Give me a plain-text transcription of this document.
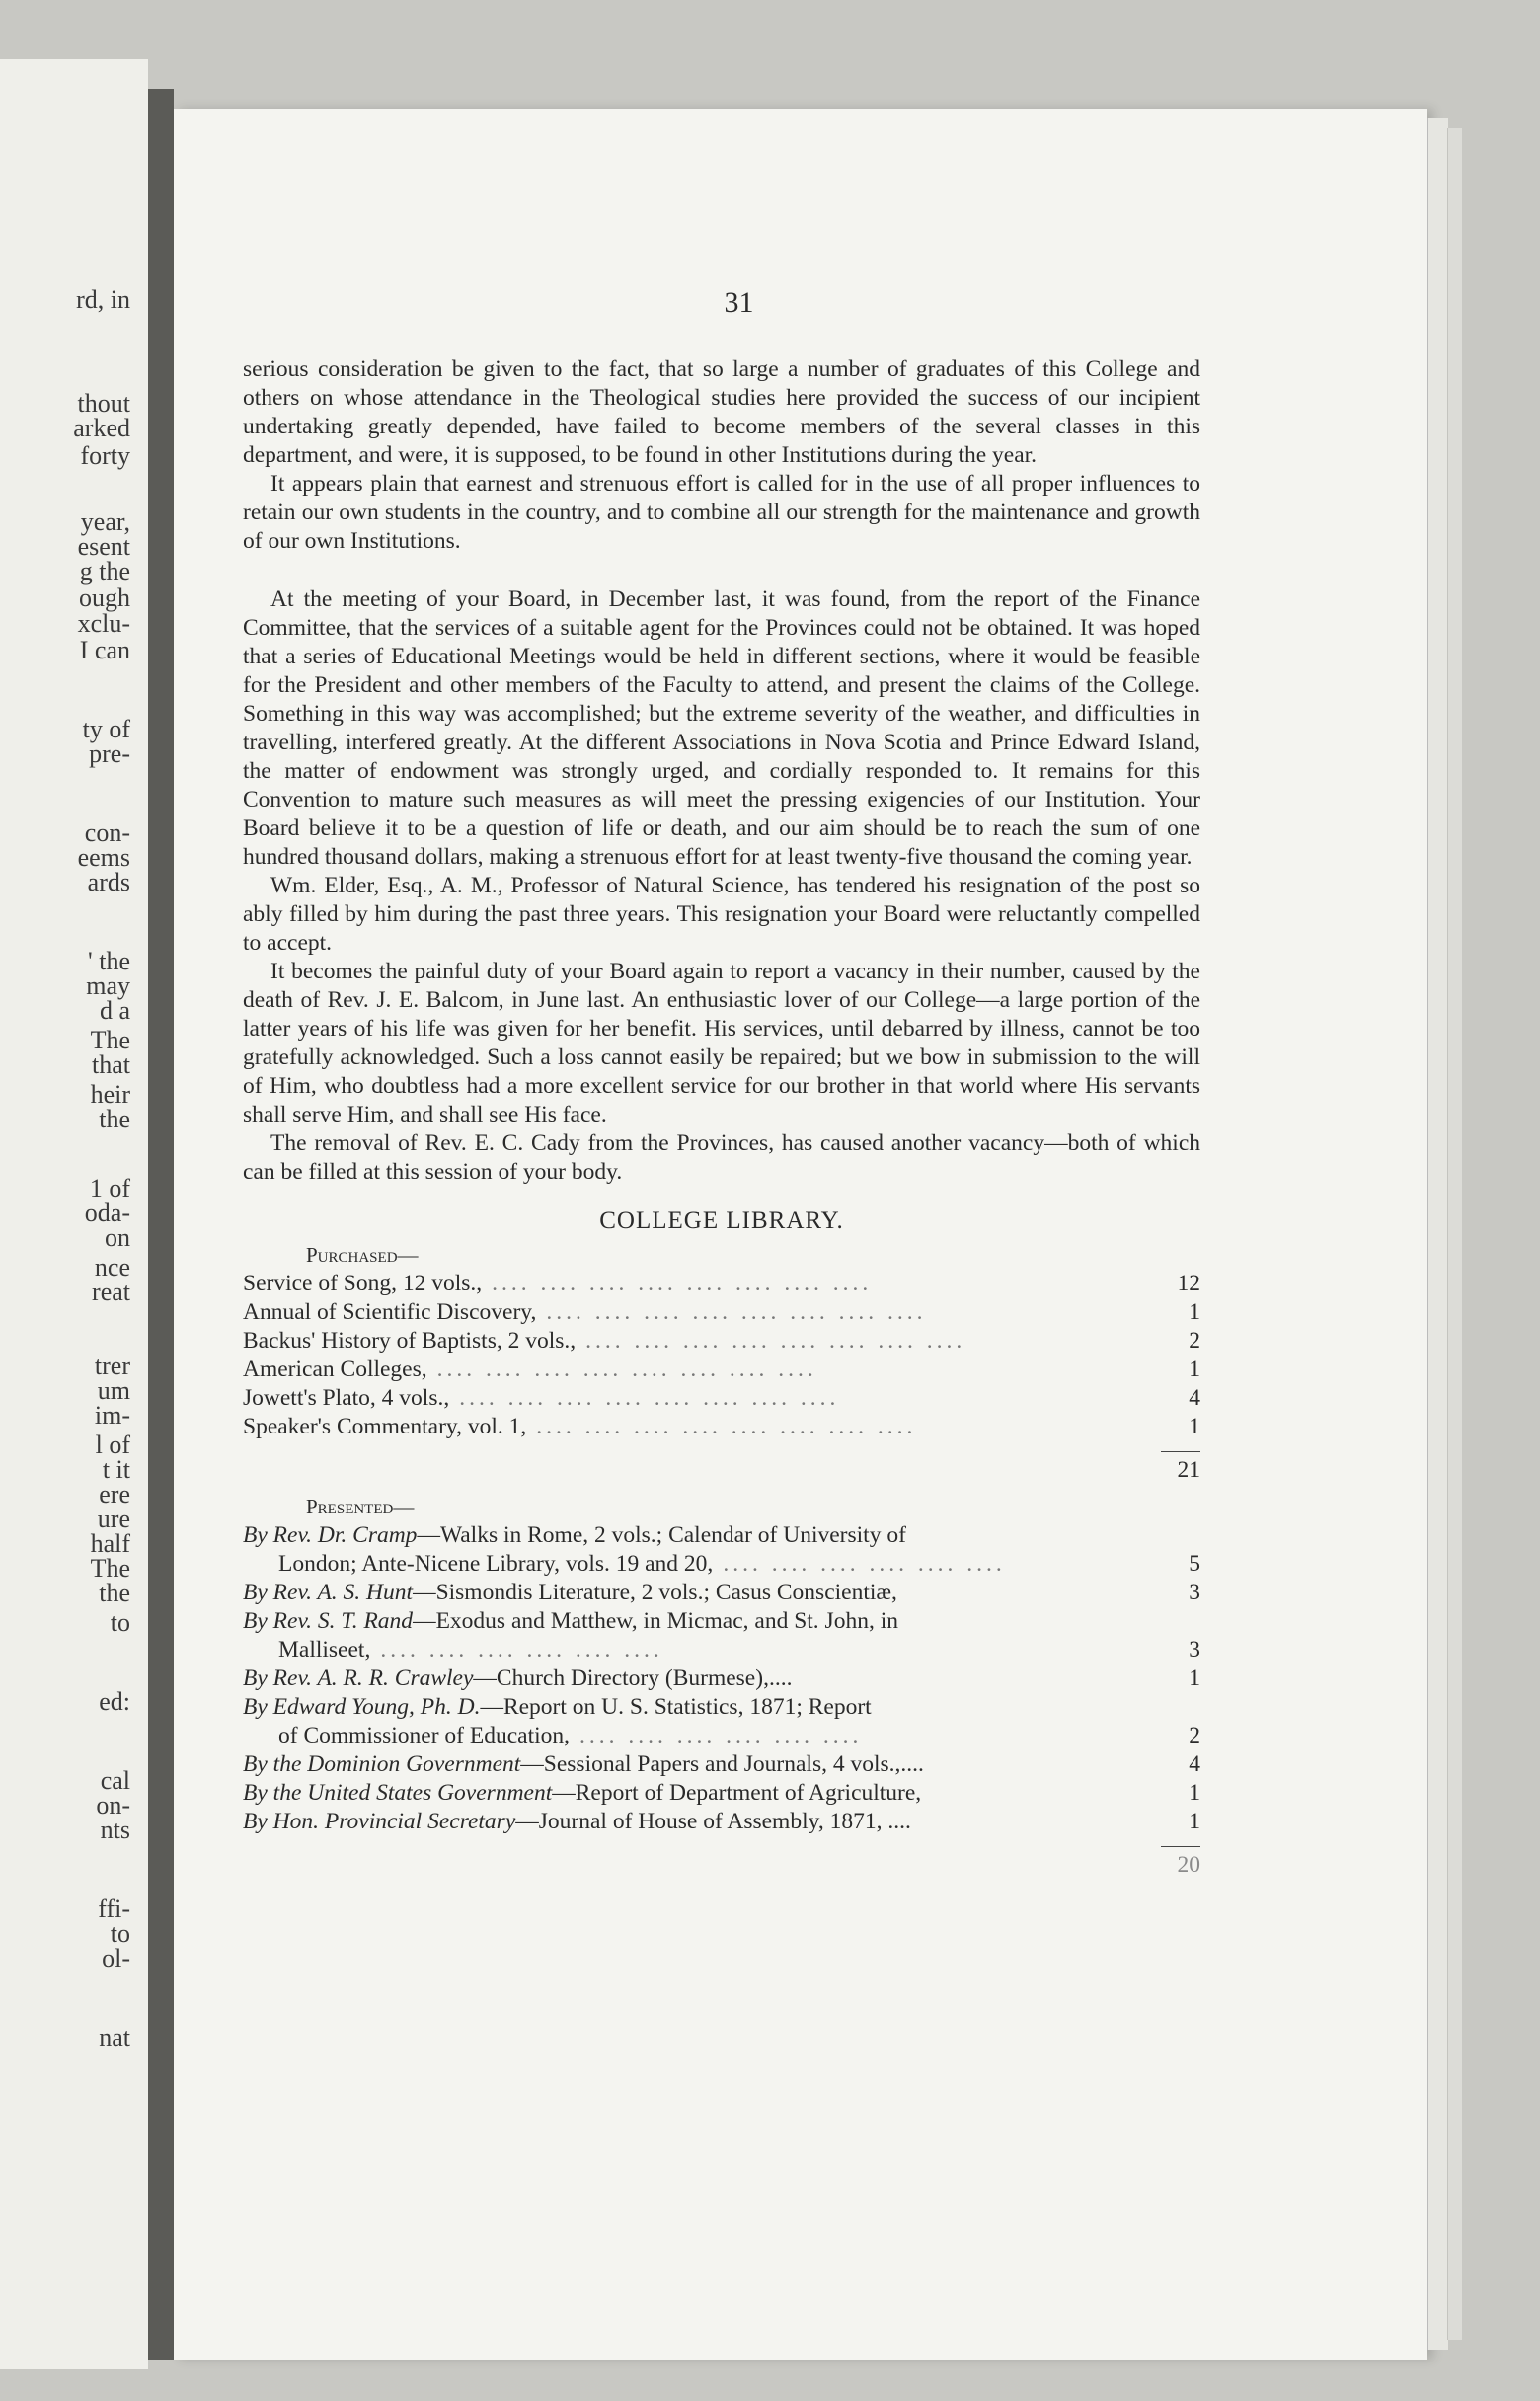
rd, in
thout
arked
forty
year,
esent
g the
ough
xclu-
I can
ty of
pre-
con-
eems
ards
' the
may
d a
The
that
heir
the
1 of
oda-
on
nce
reat
trer
um
im-
l of
t it
ere
ure
half
The
the
to
ed:
cal
on-
nts
ffi-
to
ol-
nat
31

serious consideration be given to the fact, that so large a number of graduates of this College and others on whose attendance in the Theological studies here provided the success of our incipient undertaking greatly depended, have failed to become members of the several classes in this department, and were, it is supposed, to be found in other Institutions during the year.

It appears plain that earnest and strenuous effort is called for in the use of all proper influences to retain our own students in the country, and to combine all our strength for the maintenance and growth of our own Institutions.

At the meeting of your Board, in December last, it was found, from the report of the Finance Committee, that the services of a suitable agent for the Provinces could not be obtained. It was hoped that a series of Educational Meetings would be held in different sections, where it would be feasible for the President and other members of the Faculty to attend, and present the claims of the College. Something in this way was accomplished; but the extreme severity of the weather, and difficulties in travelling, interfered greatly. At the different Associations in Nova Scotia and Prince Edward Island, the matter of endowment was strongly urged, and cordially responded to. It remains for this Convention to mature such measures as will meet the pressing exigencies of our Institution. Your Board believe it to be a question of life or death, and our aim should be to reach the sum of one hundred thousand dollars, making a strenuous effort for at least twenty-five thousand the coming year.

Wm. Elder, Esq., A. M., Professor of Natural Science, has tendered his resignation of the post so ably filled by him during the past three years. This resignation your Board were reluctantly compelled to accept.

It becomes the painful duty of your Board again to report a vacancy in their number, caused by the death of Rev. J. E. Balcom, in June last. An enthusiastic lover of our College—a large portion of the latter years of his life was given for her benefit. His services, until debarred by illness, cannot be too gratefully acknowledged. Such a loss cannot easily be repaired; but we bow in submission to the will of Him, who doubtless had a more excellent service for our brother in that world where His servants shall serve Him, and shall see His face.

The removal of Rev. E. C. Cady from the Provinces, has caused another vacancy—both of which can be filled at this session of your body.

COLLEGE LIBRARY.
Purchased—
Service of Song, 12 vols., .... .... .... .... .... .... .... ....	12
Annual of Scientific Discovery, .... .... .... .... .... .... .... ....	1
Backus' History of Baptists, 2 vols., .... .... .... .... .... .... .... ....	2
American Colleges, .... .... .... .... .... .... .... ....	1
Jowett's Plato, 4 vols., .... .... .... .... .... .... .... ....	4
Speaker's Commentary, vol. 1, .... .... .... .... .... .... .... ....	1
21
Presented—
By Rev. Dr. Cramp—Walks in Rome, 2 vols.; Calendar of University of
London; Ante-Nicene Library, vols. 19 and 20, .... .... .... .... .... ....	5
By Rev. A. S. Hunt—Sismondis Literature, 2 vols.; Casus Conscientiæ,	3
By Rev. S. T. Rand—Exodus and Matthew, in Micmac, and St. John, in
Malliseet, .... .... .... .... .... ....	3
By Rev. A. R. R. Crawley—Church Directory (Burmese),....	1
By Edward Young, Ph. D.—Report on U. S. Statistics, 1871; Report
of Commissioner of Education, .... .... .... .... .... ....	2
By the Dominion Government—Sessional Papers and Journals, 4 vols.,....	4
By the United States Government—Report of Department of Agriculture,	1
By Hon. Provincial Secretary—Journal of House of Assembly, 1871, ....	1
20
